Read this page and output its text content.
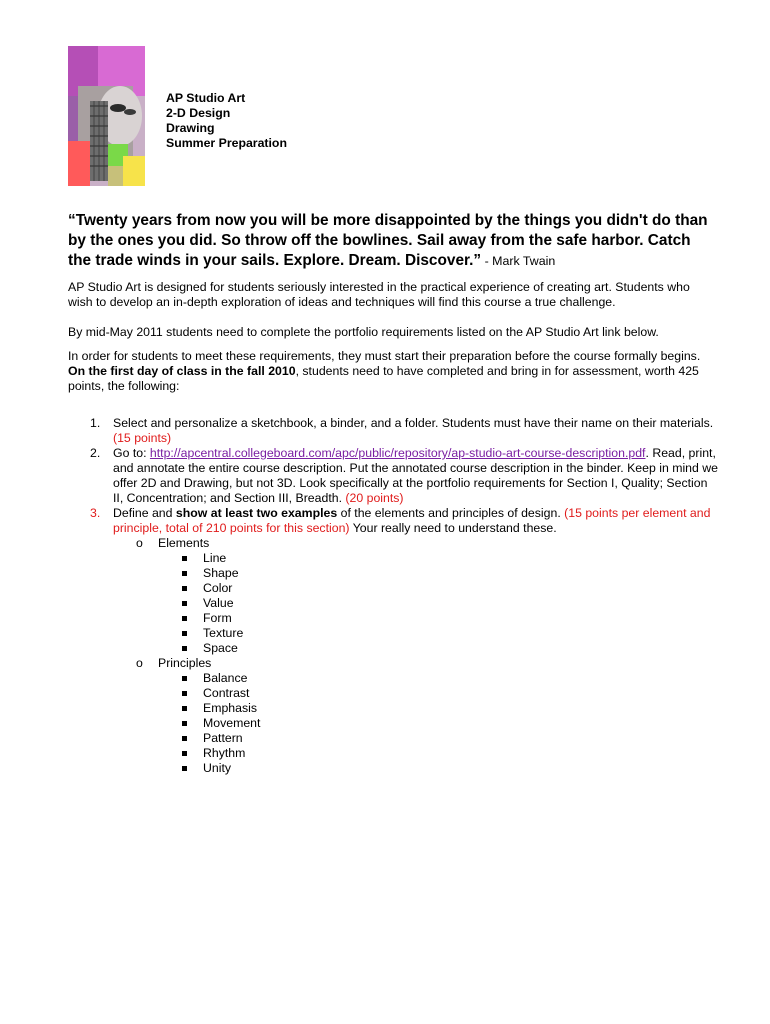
AP Studio Art
2-D Design
Drawing
Summer Preparation
“Twenty years from now you will be more disappointed by the things you didn't do than by the ones you did. So throw off the bowlines. Sail away from the safe harbor. Catch the trade winds in your sails. Explore. Dream. Discover.” - Mark Twain
AP Studio Art is designed for students seriously interested in the practical experience of creating art. Students who wish to develop an in-depth exploration of ideas and techniques will find this course a true challenge.
By mid-May 2011 students need to complete the portfolio requirements listed on the AP Studio Art link below.
In order for students to meet these requirements, they must start their preparation before the course formally begins. On the first day of class in the fall 2010, students need to have completed and bring in for assessment, worth 425 points, the following:
1. Select and personalize a sketchbook, a binder, and a folder. Students must have their name on their materials. (15 points)
2. Go to: http://apcentral.collegeboard.com/apc/public/repository/ap-studio-art-course-description.pdf. Read, print, and annotate the entire course description. Put the annotated course description in the binder. Keep in mind we offer 2D and Drawing, but not 3D. Look specifically at the portfolio requirements for Section I, Quality; Section II, Concentration; and Section III, Breadth. (20 points)
3. Define and show at least two examples of the elements and principles of design. (15 points per element and principle, total of 210 points for this section) Your really need to understand these.
o Elements
Line
Shape
Color
Value
Form
Texture
Space
o Principles
Balance
Contrast
Emphasis
Movement
Pattern
Rhythm
Unity
